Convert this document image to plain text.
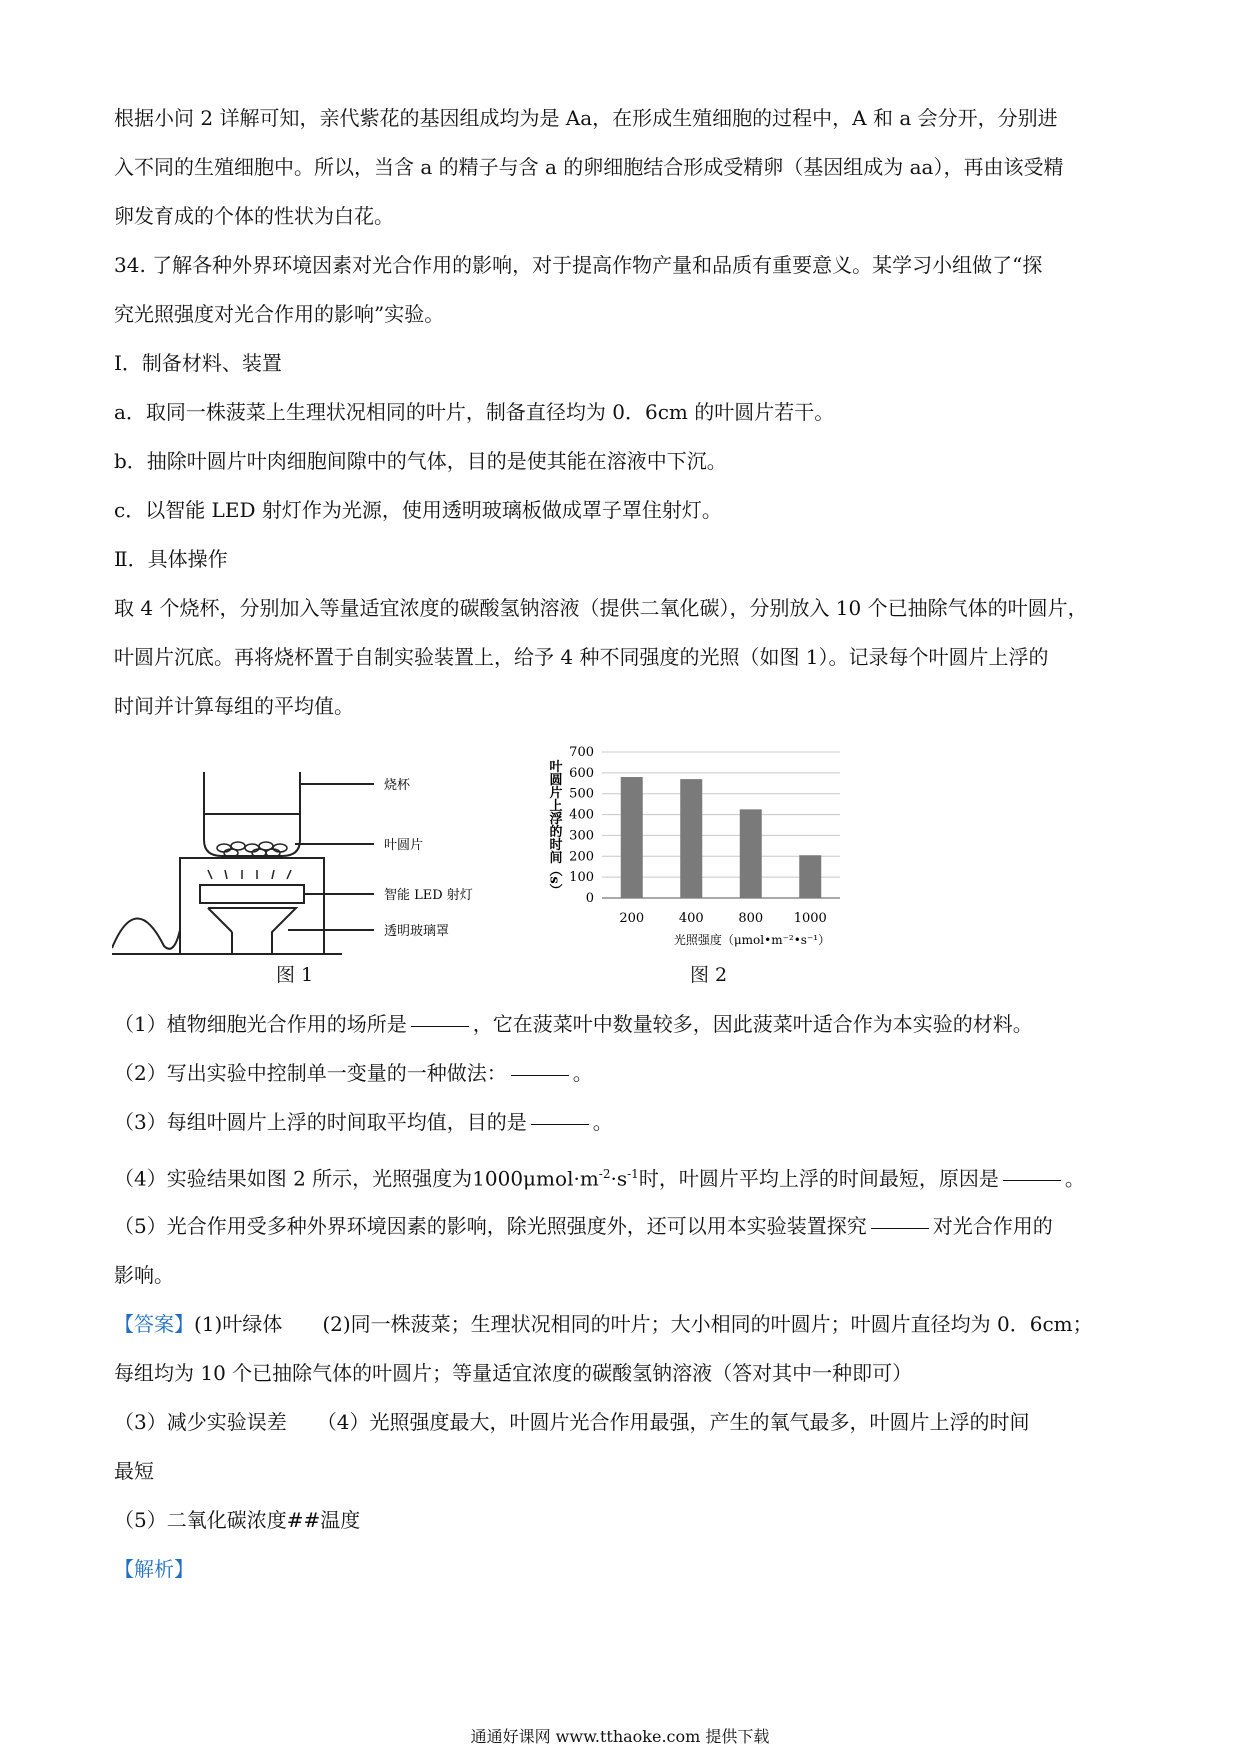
根据小问 2 详解可知，亲代紫花的基因组成均为是 Aa，在形成生殖细胞的过程中，A 和 a 会分开，分别进

入不同的生殖细胞中。所以，当含 a 的精子与含 a 的卵细胞结合形成受精卵（基因组成为 aa），再由该受精

卵发育成的个体的性状为白花。

34. 了解各种外界环境因素对光合作用的影响，对于提高作物产量和品质有重要意义。某学习小组做了“探

究光照强度对光合作用的影响”实验。

Ⅰ．制备材料、装置

a．取同一株菠菜上生理状况相同的叶片，制备直径均为 0．6cm 的叶圆片若干。

b．抽除叶圆片叶肉细胞间隙中的气体，目的是使其能在溶液中下沉。

c．以智能 LED 射灯作为光源，使用透明玻璃板做成罩子罩住射灯。

Ⅱ．具体操作

取 4 个烧杯，分别加入等量适宜浓度的碳酸氢钠溶液（提供二氧化碳），分别放入 10 个已抽除气体的叶圆片，

叶圆片沉底。再将烧杯置于自制实验装置上，给予 4 种不同强度的光照（如图 1）。记录每个叶圆片上浮的

时间并计算每组的平均值。

烧杯
叶圆片
智能 LED 射灯
透明玻璃罩
图 1
0
100
200
300
400
500
600
700
200	400	800 1000
叶圆片上浮的时间（s）
光照强度（μmol•m⁻²•s⁻¹）
图 2

（1）植物细胞光合作用的场所是	，它在菠菜叶中数量较多，因此菠菜叶适合作为本实验的材料。

（2）写出实验中控制单一变量的一种做法：	。

（3）每组叶圆片上浮的时间取平均值，目的是	。

（4）实验结果如图 2 所示，光照强度为$1000\mu mol\cdot m^{-2}\cdot s^{-1}$时，叶圆片平均上浮的时间最短，原因是	。

（5）光合作用受多种外界环境因素的影响，除光照强度外，还可以用本实验装置探究	对光合作用的

影响。

【答案】(1)叶绿体　　(2)同一株菠菜；生理状况相同的叶片；大小相同的叶圆片；叶圆片直径均为 0．6cm；

每组均为 10 个已抽除气体的叶圆片；等量适宜浓度的碳酸氢钠溶液（答对其中一种即可）

（3）减少实验误差　　（4）光照强度最大，叶圆片光合作用最强，产生的氧气最多，叶圆片上浮的时间

最短

（5）二氧化碳浓度##温度

【解析】

通通好课网 www.tthaoke.com 提供下载
